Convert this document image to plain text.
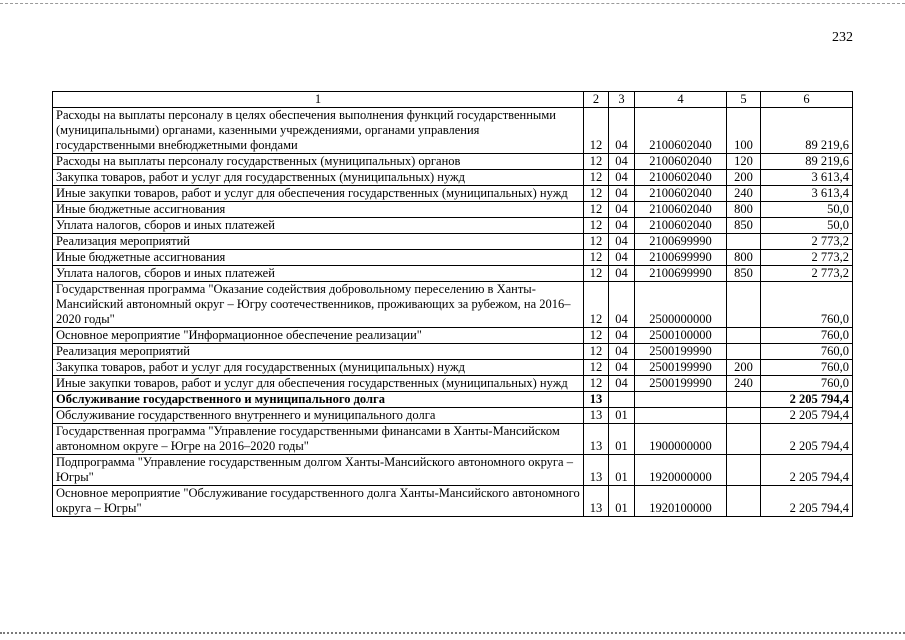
232
1	2	3	4	5	6
Расходы на выплаты персоналу в целях обеспечения выполнения функций государственными (муниципальными) органами, казенными учреждениями, органами управления государственными внебюджетными фондами	12	04	2100602040	100	89 219,6
Расходы на выплаты персоналу государственных (муниципальных) органов	12	04	2100602040	120	89 219,6
Закупка товаров, работ и услуг для государственных (муниципальных) нужд	12	04	2100602040	200	3 613,4
Иные закупки товаров, работ и услуг для обеспечения государственных (муниципальных) нужд	12	04	2100602040	240	3 613,4
Иные бюджетные ассигнования	12	04	2100602040	800	50,0
Уплата налогов, сборов и иных платежей	12	04	2100602040	850	50,0
Реализация мероприятий	12	04	2100699990		2 773,2
Иные бюджетные ассигнования	12	04	2100699990	800	2 773,2
Уплата налогов, сборов и иных платежей	12	04	2100699990	850	2 773,2
Государственная программа "Оказание содействия добровольному переселению в Ханты-Мансийский автономный округ – Югру соотечественников, проживающих за рубежом, на 2016–2020 годы"	12	04	2500000000		760,0
Основное мероприятие "Информационное обеспечение реализации"	12	04	2500100000		760,0
Реализация мероприятий	12	04	2500199990		760,0
Закупка товаров, работ и услуг для государственных (муниципальных) нужд	12	04	2500199990	200	760,0
Иные закупки товаров, работ и услуг для обеспечения государственных (муниципальных) нужд	12	04	2500199990	240	760,0
Обслуживание государственного и муниципального долга	13				2 205 794,4
Обслуживание государственного внутреннего и муниципального долга	13	01			2 205 794,4
Государственная программа "Управление государственными финансами в Ханты-Мансийском автономном округе – Югре на 2016–2020 годы"	13	01	1900000000		2 205 794,4
Подпрограмма "Управление государственным долгом Ханты-Мансийского автономного округа – Югры"	13	01	1920000000		2 205 794,4
Основное мероприятие "Обслуживание государственного долга Ханты-Мансийского автономного округа – Югры"	13	01	1920100000		2 205 794,4
